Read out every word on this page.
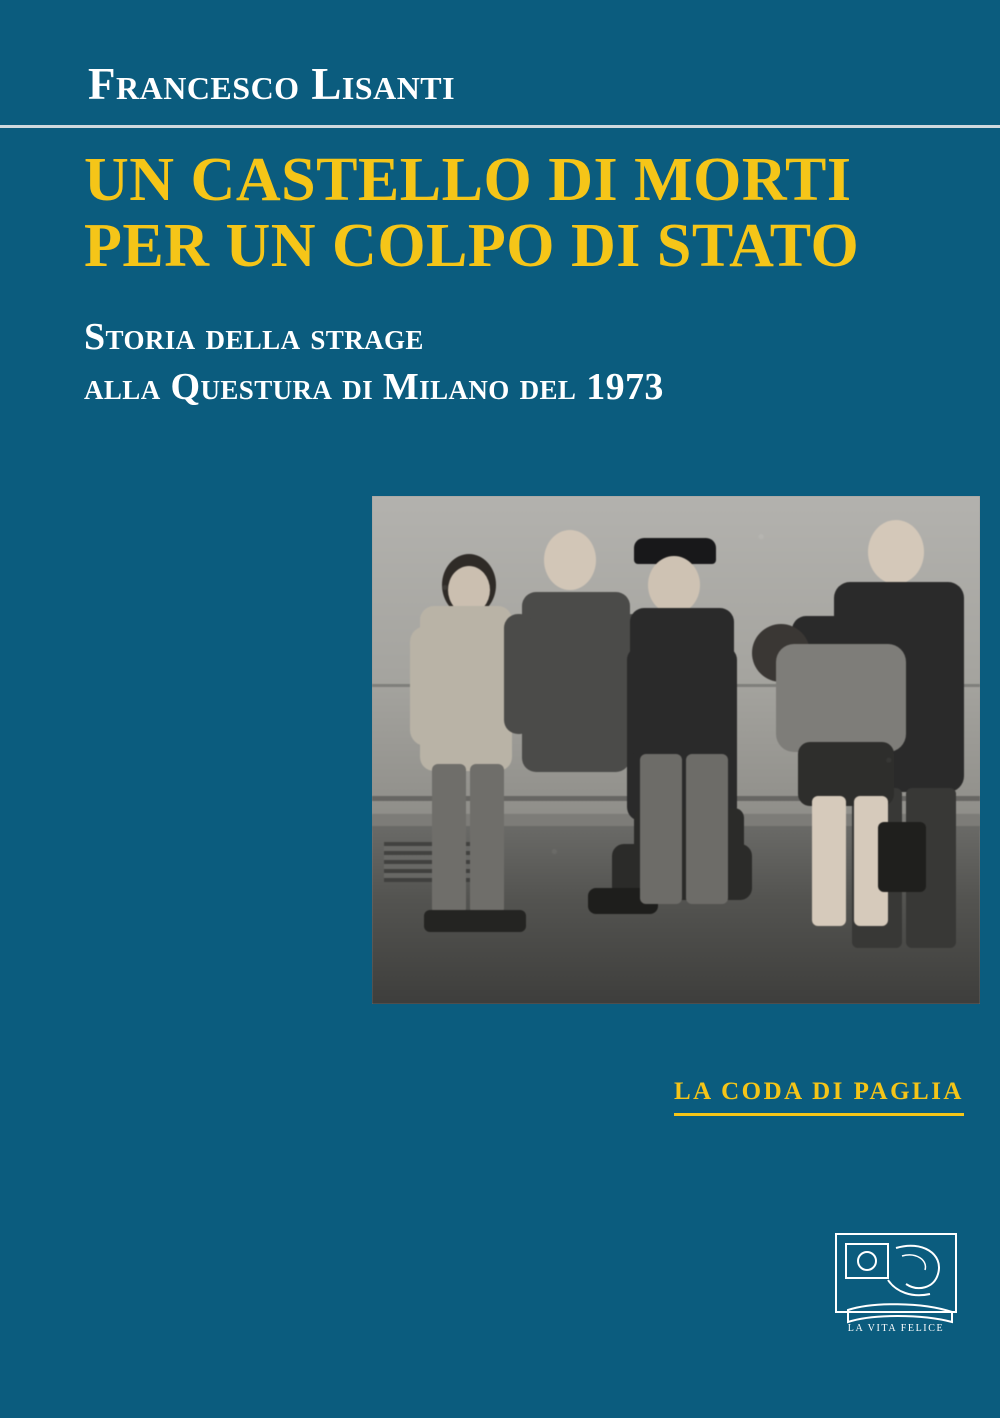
Francesco Lisanti
UN CASTELLO DI MORTI
PER UN COLPO DI STATO
Storia della strage
alla Questura di Milano del 1973
LA CODA DI PAGLIA
LA VITA FELICE
